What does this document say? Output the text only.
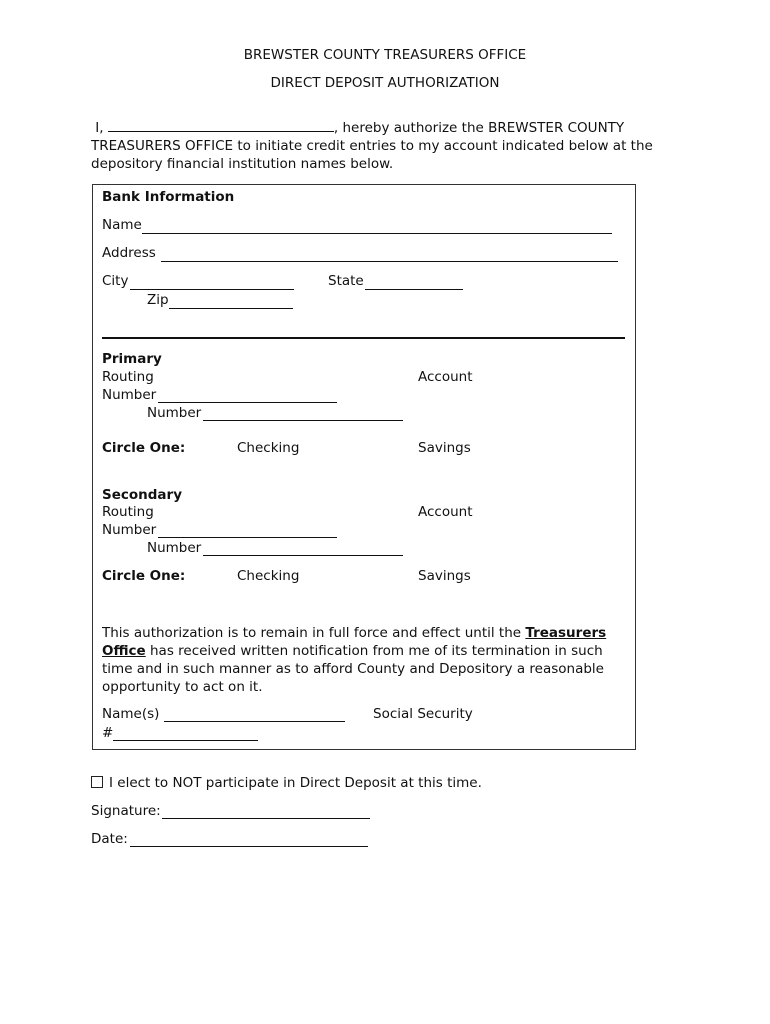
BREWSTER COUNTY TREASURERS OFFICE
DIRECT DEPOSIT AUTHORIZATION
I,	, hereby authorize the BREWSTER COUNTY TREASURERS OFFICE to initiate credit entries to my account indicated below at the depository financial institution names below.
Bank Information
Name
Address
City	State
Zip
Primary
Routing
Number
Account
Number
Circle One:	Checking	Savings
Secondary
Routing
Number
Account
Number
Circle One:	Checking	Savings
This authorization is to remain in full force and effect until the Treasurers Office has received written notification from me of its termination in such time and in such manner as to afford County and Depository a reasonable opportunity to act on it.
Name(s)	Social Security
#
I elect to NOT participate in Direct Deposit at this time.
Signature:
Date:
